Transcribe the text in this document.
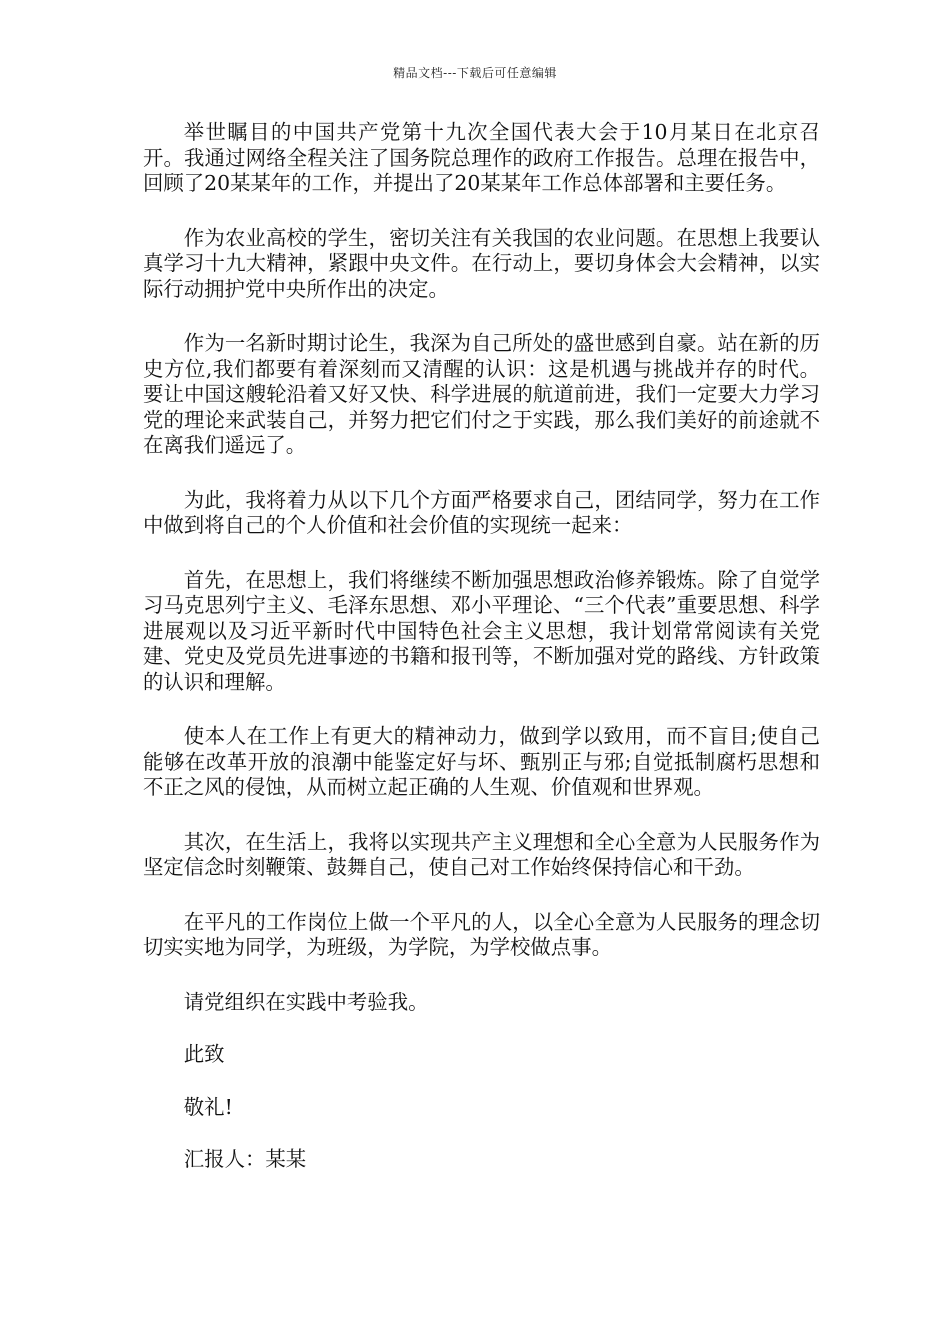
精品文档---下载后可任意编辑

举世瞩目的中国共产党第十九次全国代表大会于10月某日在北京召开。我通过网络全程关注了国务院总理作的政府工作报告。总理在报告中，回顾了20某某年的工作，并提出了20某某年工作总体部署和主要任务。

作为农业高校的学生，密切关注有关我国的农业问题。在思想上我要认真学习十九大精神，紧跟中央文件。在行动上，要切身体会大会精神，以实际行动拥护党中央所作出的决定。

作为一名新时期讨论生，我深为自己所处的盛世感到自豪。站在新的历史方位,我们都要有着深刻而又清醒的认识：这是机遇与挑战并存的时代。要让中国这艘轮沿着又好又快、科学进展的航道前进，我们一定要大力学习党的理论来武装自己，并努力把它们付之于实践，那么我们美好的前途就不在离我们遥远了。

为此，我将着力从以下几个方面严格要求自己，团结同学，努力在工作中做到将自己的个人价值和社会价值的实现统一起来：

首先，在思想上，我们将继续不断加强思想政治修养锻炼。除了自觉学习马克思列宁主义、毛泽东思想、邓小平理论、“三个代表”重要思想、科学进展观以及习近平新时代中国特色社会主义思想，我计划常常阅读有关党建、党史及党员先进事迹的书籍和报刊等，不断加强对党的路线、方针政策的认识和理解。

使本人在工作上有更大的精神动力，做到学以致用，而不盲目;使自己能够在改革开放的浪潮中能鉴定好与坏、甄别正与邪;自觉抵制腐朽思想和不正之风的侵蚀，从而树立起正确的人生观、价值观和世界观。

其次，在生活上，我将以实现共产主义理想和全心全意为人民服务作为坚定信念时刻鞭策、鼓舞自己，使自己对工作始终保持信心和干劲。

在平凡的工作岗位上做一个平凡的人，以全心全意为人民服务的理念切切实实地为同学，为班级，为学院，为学校做点事。

请党组织在实践中考验我。

此致

敬礼!

汇报人：某某
